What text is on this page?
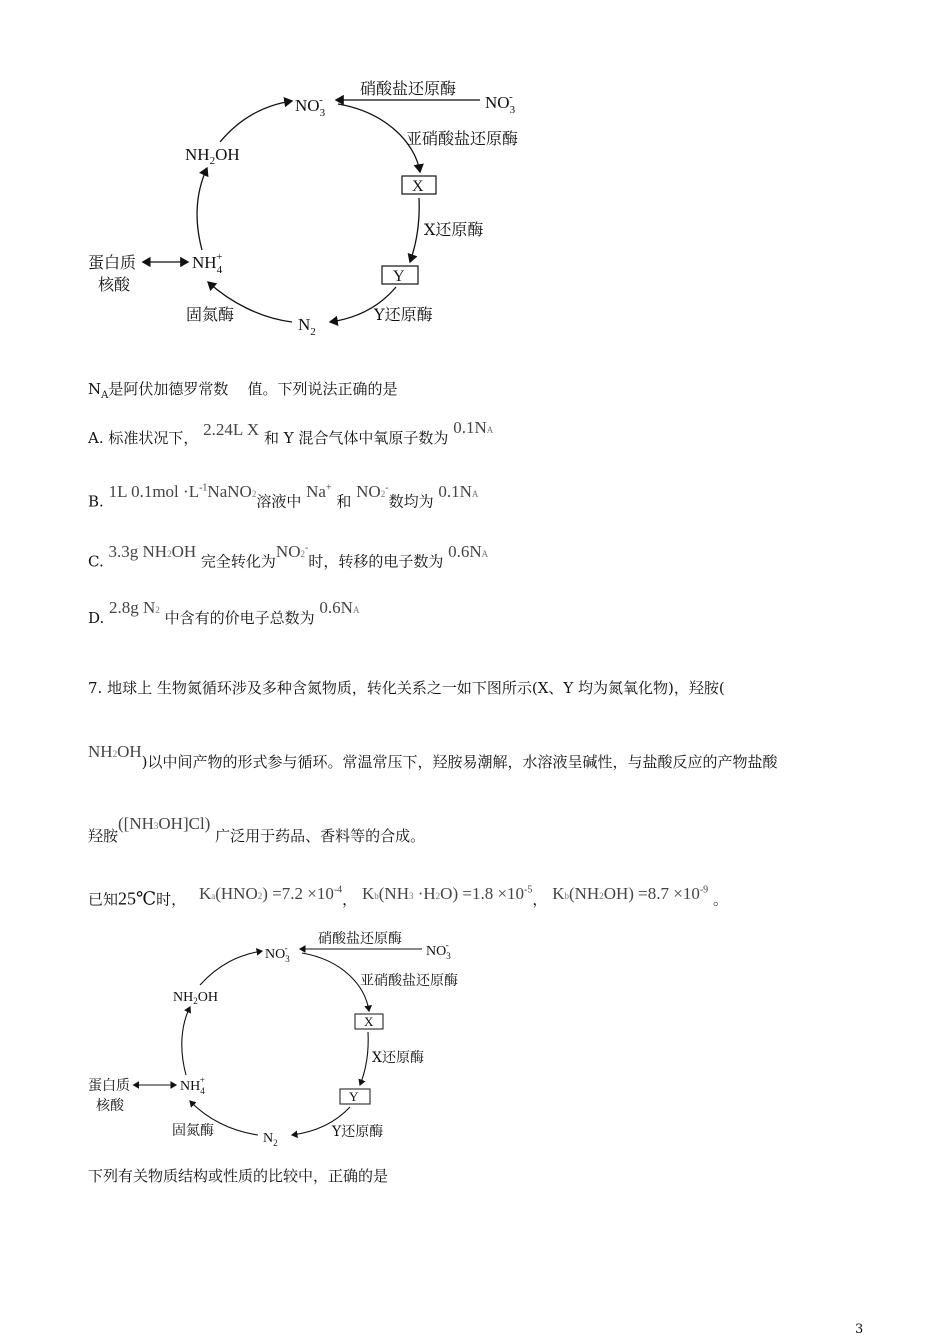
$NO_3-$	$NO_3-$
硝酸盐还原酶
亚硝酸盐还原酶
X
X还原酶
Y
Y还原酶
$N_2$
固氮酶
$NH_4+$
$NH_2OH$
蛋白质
核酸
$N_A$是阿伏加德罗常数 值。下列说法正确的是
A. 标准状况下， 2.24L X 和 Y 混合气体中氧原子数为 0.1NA
B. 1L $0.1mol \cdot L^{-1}NaNO2$溶液中 Na+ 和 NO2-数均为 0.1NA
C. 3.3g NH2OH 完全转化为NO2-时，转移的电子数为 0.6NA
D. 2.8g N2 中含有的价电子总数为 0.6NA
7. 地球上 生物氮循环涉及多种含氮物质，转化关系之一如下图所示(X、Y 均为氮氧化物)，羟胺(
NH2OH)以中间产物的形式参与循环。常温常压下，羟胺易潮解，水溶液呈碱性，与盐酸反应的产物盐酸
羟胺([NH3OH]Cl) 广泛用于药品、香料等的合成。
已知25℃时， $Ka(HNO2) =7.2 \times 10^{-4}$， $Kb(NH3 \cdot H2O) =1.8 \times 10^{-5}$， $Kb(NH2OH) =8.7 \times 10^{-9}$ 。
$NO_3-$	$NO_3-$
硝酸盐还原酶
亚硝酸盐还原酶
X
X还原酶
Y
Y还原酶
$N_2$
固氮酶
$NH_4+$
$NH_2OH$
蛋白质
核酸
下列有关物质结构或性质的比较中，正确的是
3
